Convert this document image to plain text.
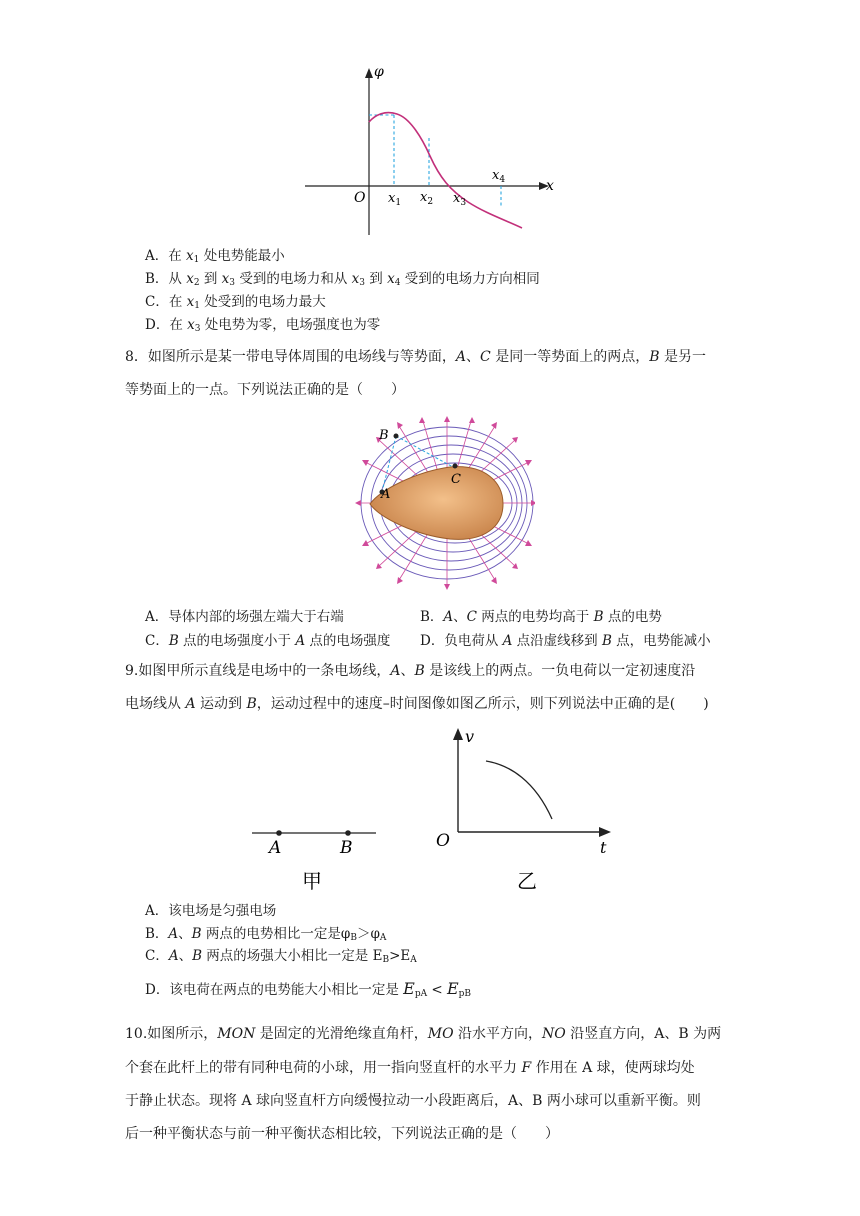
φ
x
O $x_1$ $x_2$ $x_3$
$x_4$
A．在 $x_1$ 处电势能最小
B．从 $x_2$ 到 $x_3$ 受到的电场力和从 $x_3$ 到 $x_4$ 受到的电场力方向相同
C．在 $x_1$ 处受到的电场力最大
D．在 $x_3$ 处电势为零，电场强度也为零
8．如图所示是某一带电导体周围的电场线与等势面，A、C 是同一等势面上的两点，B 是另一
等势面上的一点。下列说法正确的是（　　）
B
A
C
A．导体内部的场强左端大于右端	B．A、C 两点的电势均高于 B 点的电势
C．B 点的电场强度小于 A 点的电场强度 D．负电荷从 A 点沿虚线移到 B 点，电势能减小
9.如图甲所示直线是电场中的一条电场线，A、B 是该线上的两点。一负电荷以一定初速度沿
电场线从 A 运动到 B，运动过程中的速度–时间图像如图乙所示，则下列说法中正确的是(　　)
A	B
甲
v
t
O
乙
A．该电场是匀强电场
B．A、B 两点的电势相比一定是$\varphi_B>\varphi_A$
C．A、B 两点的场强大小相比一定是 $E_B>E_A$
D．该电荷在两点的电势能大小相比一定是 $E_{pA} < E_{pB}$
10.如图所示，MON 是固定的光滑绝缘直角杆，MO 沿水平方向，NO 沿竖直方向，A、B 为两
个套在此杆上的带有同种电荷的小球，用一指向竖直杆的水平力 F 作用在 A 球，使两球均处
于静止状态。现将 A 球向竖直杆方向缓慢拉动一小段距离后，A、B 两小球可以重新平衡。则
后一种平衡状态与前一种平衡状态相比较，下列说法正确的是（　　）
